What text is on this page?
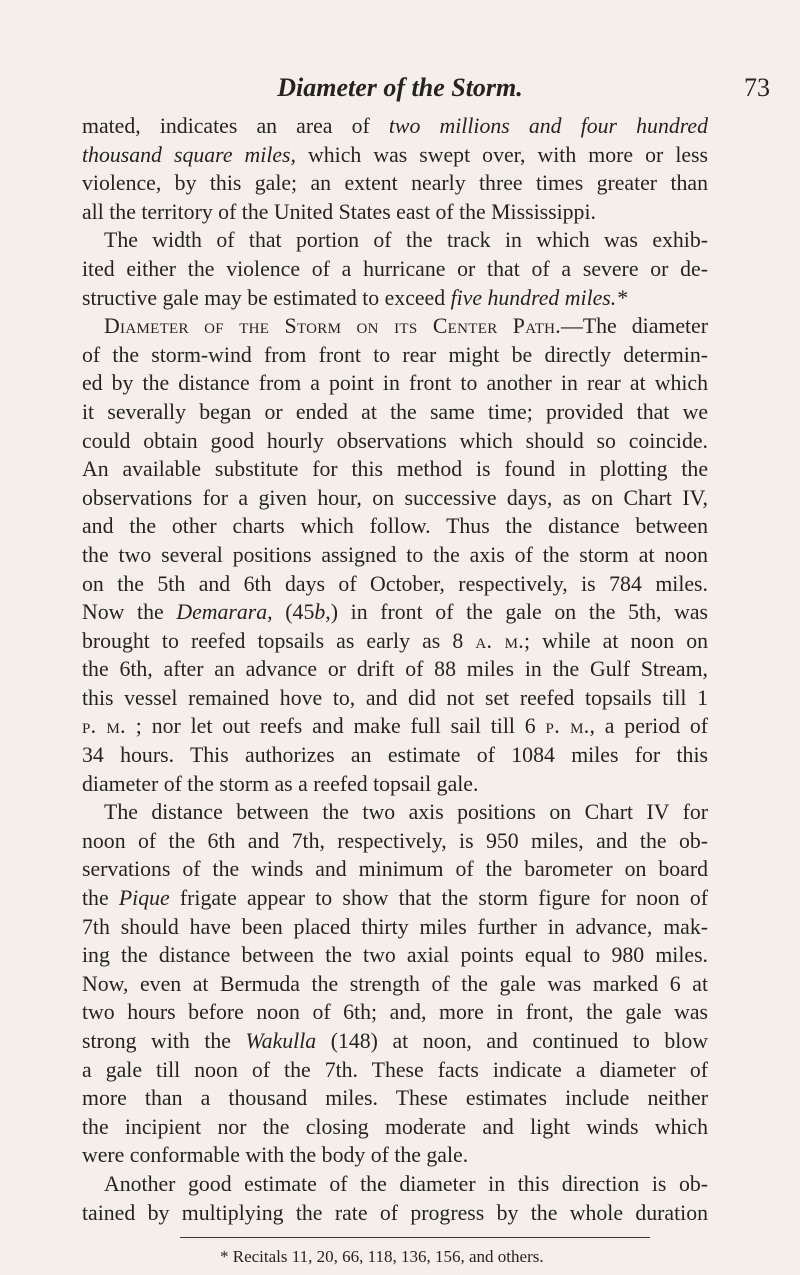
Diameter of the Storm.	73
mated, indicates an area of two millions and four hundred
thousand square miles, which was swept over, with more or less
violence, by this gale; an extent nearly three times greater than
all the territory of the United States east of the Mississippi.
The width of that portion of the track in which was exhib-
ited either the violence of a hurricane or that of a severe or de-
structive gale may be estimated to exceed five hundred miles.*
Diameter of the Storm on its Center Path.—The diameter
of the storm-wind from front to rear might be directly determin-
ed by the distance from a point in front to another in rear at which
it severally began or ended at the same time; provided that we
could obtain good hourly observations which should so coincide.
An available substitute for this method is found in plotting the
observations for a given hour, on successive days, as on Chart IV,
and the other charts which follow. Thus the distance between
the two several positions assigned to the axis of the storm at noon
on the 5th and 6th days of October, respectively, is 784 miles.
Now the Demarara, (45b,) in front of the gale on the 5th, was
brought to reefed topsails as early as 8 a. m.; while at noon on
the 6th, after an advance or drift of 88 miles in the Gulf Stream,
this vessel remained hove to, and did not set reefed topsails till 1
p. m. ; nor let out reefs and make full sail till 6 p. m., a period of
34 hours. This authorizes an estimate of 1084 miles for this
diameter of the storm as a reefed topsail gale.
The distance between the two axis positions on Chart IV for
noon of the 6th and 7th, respectively, is 950 miles, and the ob-
servations of the winds and minimum of the barometer on board
the Pique frigate appear to show that the storm figure for noon of
7th should have been placed thirty miles further in advance, mak-
ing the distance between the two axial points equal to 980 miles.
Now, even at Bermuda the strength of the gale was marked 6 at
two hours before noon of 6th; and, more in front, the gale was
strong with the Wakulla (148) at noon, and continued to blow
a gale till noon of the 7th. These facts indicate a diameter of
more than a thousand miles. These estimates include neither
the incipient nor the closing moderate and light winds which
were conformable with the body of the gale.
Another good estimate of the diameter in this direction is ob-
tained by multiplying the rate of progress by the whole duration
* Recitals 11, 20, 66, 118, 136, 156, and others.
